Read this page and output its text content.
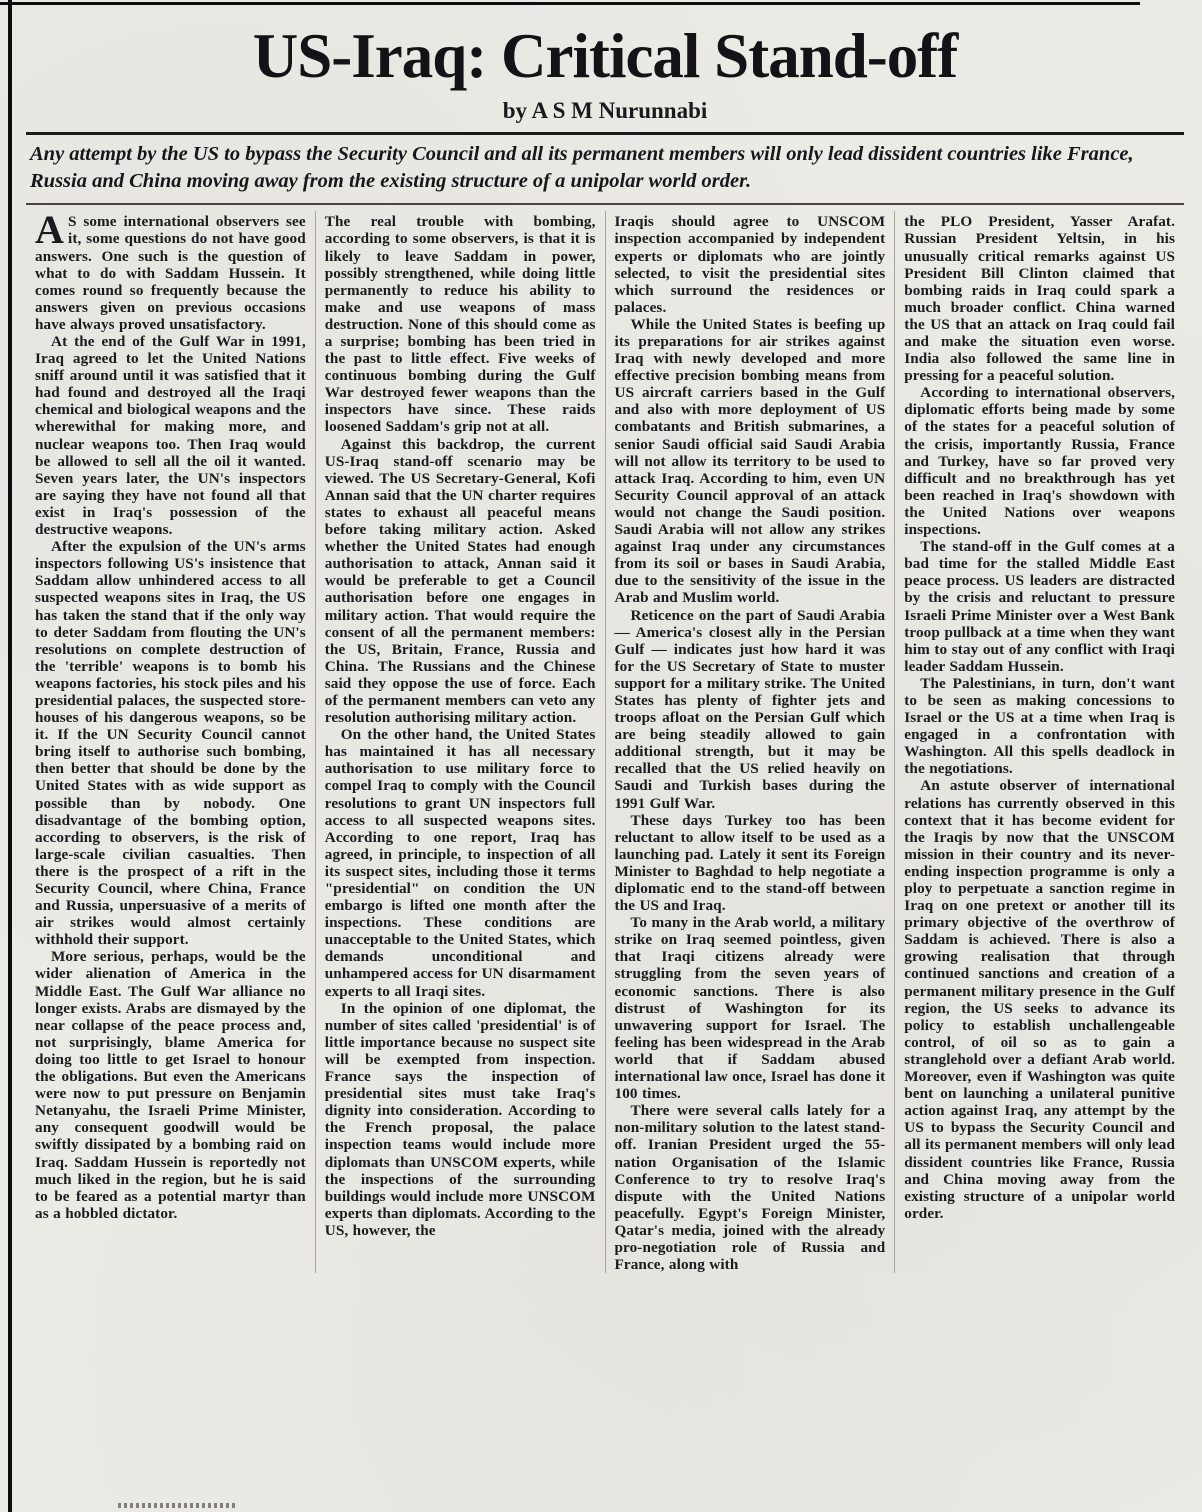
US-Iraq: Critical Stand-off
by A S M Nurunnabi

Any attempt by the US to bypass the Security Council and all its permanent members will only lead dissident countries like France, Russia and China moving away from the existing structure of a unipolar world order.

A S some international observers see it, some questions do not have good answers. One such is the question of what to do with Saddam Hussein. It comes round so frequently because the answers given on previous occasions have always proved unsatisfactory.

At the end of the Gulf War in 1991, Iraq agreed to let the United Nations sniff around until it was satisfied that it had found and destroyed all the Iraqi chemical and biological weapons and the wherewithal for making more, and nuclear weapons too. Then Iraq would be allowed to sell all the oil it wanted. Seven years later, the UN's inspectors are saying they have not found all that exist in Iraq's possession of the destructive weapons.

After the expulsion of the UN's arms inspectors following US's insistence that Saddam allow unhindered access to all suspected weapons sites in Iraq, the US has taken the stand that if the only way to deter Saddam from flouting the UN's resolutions on complete destruction of the 'terrible' weapons is to bomb his weapons factories, his stock piles and his presidential palaces, the suspected store-houses of his dangerous weapons, so be it. If the UN Security Council cannot bring itself to authorise such bombing, then better that should be done by the United States with as wide support as possible than by nobody. One disadvantage of the bombing option, according to observers, is the risk of large-scale civilian casualties. Then there is the prospect of a rift in the Security Council, where China, France and Russia, unpersuasive of a merits of air strikes would almost certainly withhold their support.

More serious, perhaps, would be the wider alienation of America in the Middle East. The Gulf War alliance no longer exists. Arabs are dismayed by the near collapse of the peace process and, not surprisingly, blame America for doing too little to get Israel to honour the obligations. But even the Americans were now to put pressure on Benjamin Netanyahu, the Israeli Prime Minister, any consequent goodwill would be swiftly dissipated by a bombing raid on Iraq. Saddam Hussein is reportedly not much liked in the region, but he is said to be feared as a potential martyr than as a hobbled dictator.

The real trouble with bombing, according to some observers, is that it is likely to leave Saddam in power, possibly strengthened, while doing little permanently to reduce his ability to make and use weapons of mass destruction. None of this should come as a surprise; bombing has been tried in the past to little effect. Five weeks of continuous bombing during the Gulf War destroyed fewer weapons than the inspectors have since. These raids loosened Saddam's grip not at all.

Against this backdrop, the current US-Iraq stand-off scenario may be viewed. The US Secretary-General, Kofi Annan said that the UN charter requires states to exhaust all peaceful means before taking military action. Asked whether the United States had enough authorisation to attack, Annan said it would be preferable to get a Council authorisation before one engages in military action. That would require the consent of all the permanent members: the US, Britain, France, Russia and China. The Russians and the Chinese said they oppose the use of force. Each of the permanent members can veto any resolution authorising military action.

On the other hand, the United States has maintained it has all necessary authorisation to use military force to compel Iraq to comply with the Council resolutions to grant UN inspectors full access to all suspected weapons sites. According to one report, Iraq has agreed, in principle, to inspection of all its suspect sites, including those it terms "presidential" on condition the UN embargo is lifted one month after the inspections. These conditions are unacceptable to the United States, which demands unconditional and unhampered access for UN disarmament experts to all Iraqi sites.

In the opinion of one diplomat, the number of sites called 'presidential' is of little importance because no suspect site will be exempted from inspection. France says the inspection of presidential sites must take Iraq's dignity into consideration. According to the French proposal, the palace inspection teams would include more diplomats than UNSCOM experts, while the inspections of the surrounding buildings would include more UNSCOM experts than diplomats. According to the US, however, the

Iraqis should agree to UNSCOM inspection accompanied by independent experts or diplomats who are jointly selected, to visit the presidential sites which surround the residences or palaces.

While the United States is beefing up its preparations for air strikes against Iraq with newly developed and more effective precision bombing means from US aircraft carriers based in the Gulf and also with more deployment of US combatants and British submarines, a senior Saudi official said Saudi Arabia will not allow its territory to be used to attack Iraq. According to him, even UN Security Council approval of an attack would not change the Saudi position. Saudi Arabia will not allow any strikes against Iraq under any circumstances from its soil or bases in Saudi Arabia, due to the sensitivity of the issue in the Arab and Muslim world.

Reticence on the part of Saudi Arabia — America's closest ally in the Persian Gulf — indicates just how hard it was for the US Secretary of State to muster support for a military strike. The United States has plenty of fighter jets and troops afloat on the Persian Gulf which are being steadily allowed to gain additional strength, but it may be recalled that the US relied heavily on Saudi and Turkish bases during the 1991 Gulf War.

These days Turkey too has been reluctant to allow itself to be used as a launching pad. Lately it sent its Foreign Minister to Baghdad to help negotiate a diplomatic end to the stand-off between the US and Iraq.

To many in the Arab world, a military strike on Iraq seemed pointless, given that Iraqi citizens already were struggling from the seven years of economic sanctions. There is also distrust of Washington for its unwavering support for Israel. The feeling has been widespread in the Arab world that if Saddam abused international law once, Israel has done it 100 times.

There were several calls lately for a non-military solution to the latest stand-off. Iranian President urged the 55-nation Organisation of the Islamic Conference to try to resolve Iraq's dispute with the United Nations peacefully. Egypt's Foreign Minister, Qatar's media, joined with the already pro-negotiation role of Russia and France, along with

the PLO President, Yasser Arafat. Russian President Yeltsin, in his unusually critical remarks against US President Bill Clinton claimed that bombing raids in Iraq could spark a much broader conflict. China warned the US that an attack on Iraq could fail and make the situation even worse. India also followed the same line in pressing for a peaceful solution.

According to international observers, diplomatic efforts being made by some of the states for a peaceful solution of the crisis, importantly Russia, France and Turkey, have so far proved very difficult and no breakthrough has yet been reached in Iraq's showdown with the United Nations over weapons inspections.

The stand-off in the Gulf comes at a bad time for the stalled Middle East peace process. US leaders are distracted by the crisis and reluctant to pressure Israeli Prime Minister over a West Bank troop pullback at a time when they want him to stay out of any conflict with Iraqi leader Saddam Hussein.

The Palestinians, in turn, don't want to be seen as making concessions to Israel or the US at a time when Iraq is engaged in a confrontation with Washington. All this spells deadlock in the negotiations.

An astute observer of international relations has currently observed in this context that it has become evident for the Iraqis by now that the UNSCOM mission in their country and its never-ending inspection programme is only a ploy to perpetuate a sanction regime in Iraq on one pretext or another till its primary objective of the overthrow of Saddam is achieved. There is also a growing realisation that through continued sanctions and creation of a permanent military presence in the Gulf region, the US seeks to advance its policy to establish unchallengeable control, of oil so as to gain a stranglehold over a defiant Arab world. Moreover, even if Washington was quite bent on launching a unilateral punitive action against Iraq, any attempt by the US to bypass the Security Council and all its permanent members will only lead dissident countries like France, Russia and China moving away from the existing structure of a unipolar world order.
